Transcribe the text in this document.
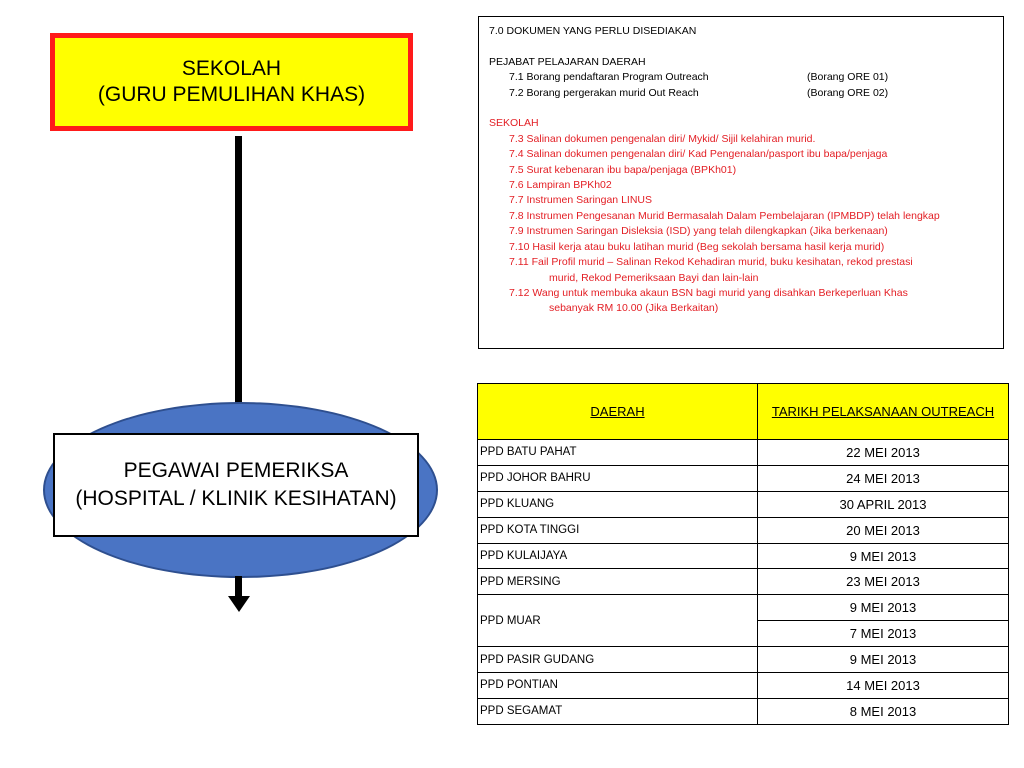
SEKOLAH
(GURU PEMULIHAN KHAS)
PEGAWAI PEMERIKSA
(HOSPITAL / KLINIK KESIHATAN)
7.0 DOKUMEN YANG PERLU DISEDIAKAN

PEJABAT PELAJARAN DAERAH
7.1 Borang pendaftaran Program Outreach	(Borang ORE 01)
7.2 Borang pergerakan murid Out Reach	(Borang ORE 02)

SEKOLAH
7.3 Salinan dokumen pengenalan diri/ Mykid/ Sijil kelahiran murid.
7.4 Salinan dokumen pengenalan diri/ Kad Pengenalan/pasport ibu bapa/penjaga
7.5 Surat kebenaran ibu bapa/penjaga (BPKh01)
7.6 Lampiran BPKh02
7.7 Instrumen Saringan LINUS
7.8 Instrumen Pengesanan Murid Bermasalah Dalam Pembelajaran (IPMBDP) telah lengkap
7.9 Instrumen Saringan Disleksia (ISD) yang telah dilengkapkan (Jika berkenaan)
7.10 Hasil kerja atau buku latihan murid (Beg sekolah bersama hasil kerja murid)
7.11 Fail Profil murid – Salinan Rekod Kehadiran murid, buku kesihatan, rekod prestasi
murid, Rekod Pemeriksaan Bayi dan lain-lain
7.12 Wang untuk membuka akaun BSN bagi murid yang disahkan Berkeperluan Khas
sebanyak RM 10.00 (Jika Berkaitan)
DAERAH	TARIKH PELAKSANAAN OUTREACH
PPD BATU PAHAT	22 MEI 2013
PPD JOHOR BAHRU	24 MEI 2013
PPD KLUANG	30 APRIL 2013
PPD KOTA TINGGI	20 MEI 2013
PPD KULAIJAYA	9 MEI 2013
PPD MERSING	23 MEI 2013
PPD MUAR	9 MEI 2013
	7 MEI 2013
PPD PASIR GUDANG	9 MEI 2013
PPD PONTIAN	14 MEI 2013
PPD SEGAMAT	8 MEI 2013
